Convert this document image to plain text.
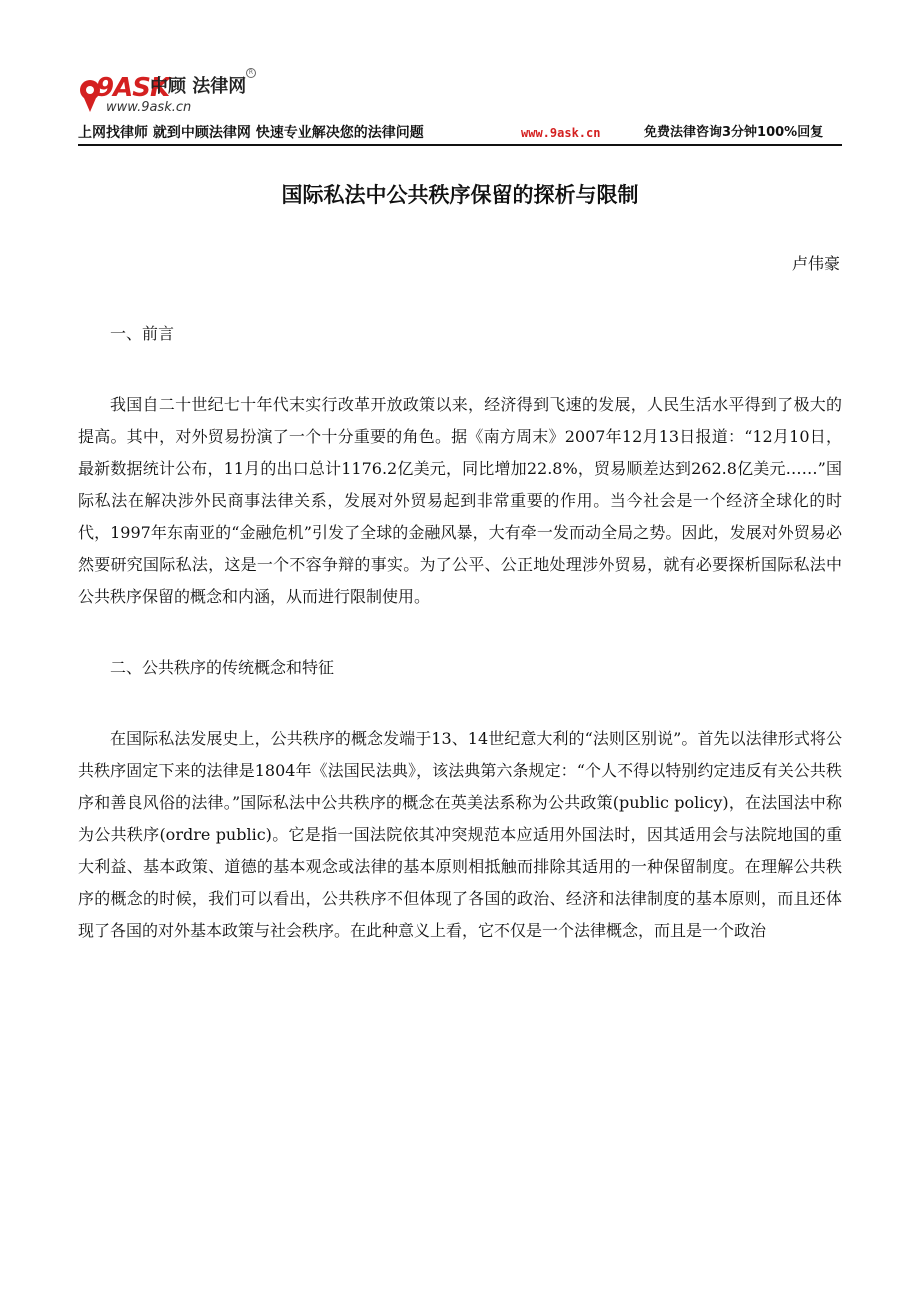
9ASK
中顾 法律网
R
www.9ask.cn
上网找律师 就到中顾法律网 快速专业解决您的法律问题	www.9ask.cn	免费法律咨询3分钟100%回复
国际私法中公共秩序保留的探析与限制
卢伟豪
一、前言

我国自二十世纪七十年代末实行改革开放政策以来，经济得到飞速的发展，人民生活水平得到了极大的提高。其中，对外贸易扮演了一个十分重要的角色。据《南方周末》2007年12月13日报道：“12月10日，最新数据统计公布，11月的出口总计1176.2亿美元，同比增加22.8%，贸易顺差达到262.8亿美元……”国际私法在解决涉外民商事法律关系，发展对外贸易起到非常重要的作用。当今社会是一个经济全球化的时代，1997年东南亚的“金融危机”引发了全球的金融风暴，大有牵一发而动全局之势。因此，发展对外贸易必然要研究国际私法，这是一个不容争辩的事实。为了公平、公正地处理涉外贸易，就有必要探析国际私法中公共秩序保留的概念和内涵，从而进行限制使用。

二、公共秩序的传统概念和特征

在国际私法发展史上，公共秩序的概念发端于13、14世纪意大利的“法则区别说”。首先以法律形式将公共秩序固定下来的法律是1804年《法国民法典》，该法典第六条规定：“个人不得以特别约定违反有关公共秩序和善良风俗的法律。”国际私法中公共秩序的概念在英美法系称为公共政策(public policy)，在法国法中称为公共秩序(ordre public)。它是指一国法院依其冲突规范本应适用外国法时，因其适用会与法院地国的重大利益、基本政策、道德的基本观念或法律的基本原则相抵触而排除其适用的一种保留制度。在理解公共秩序的概念的时候，我们可以看出，公共秩序不但体现了各国的政治、经济和法律制度的基本原则，而且还体现了各国的对外基本政策与社会秩序。在此种意义上看，它不仅是一个法律概念，而且是一个政治
